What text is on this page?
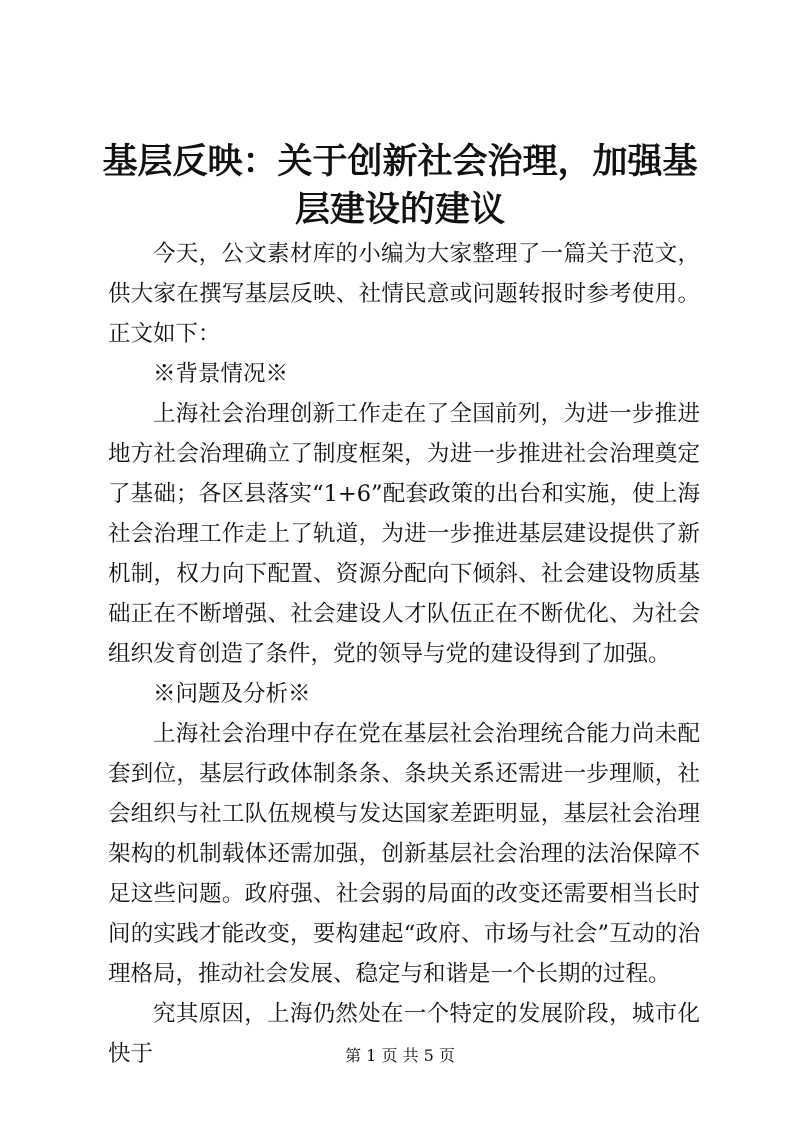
基层反映：关于创新社会治理，加强基层建设的建议

今天，公文素材库的小编为大家整理了一篇关于范文，供大家在撰写基层反映、社情民意或问题转报时参考使用。正文如下：

※背景情况※

上海社会治理创新工作走在了全国前列，为进一步推进地方社会治理确立了制度框架，为进一步推进社会治理奠定了基础；各区县落实“1+6”配套政策的出台和实施，使上海社会治理工作走上了轨道，为进一步推进基层建设提供了新机制，权力向下配置、资源分配向下倾斜、社会建设物质基础正在不断增强、社会建设人才队伍正在不断优化、为社会组织发育创造了条件，党的领导与党的建设得到了加强。

※问题及分析※

上海社会治理中存在党在基层社会治理统合能力尚未配套到位，基层行政体制条条、条块关系还需进一步理顺，社会组织与社工队伍规模与发达国家差距明显，基层社会治理架构的机制载体还需加强，创新基层社会治理的法治保障不足这些问题。政府强、社会弱的局面的改变还需要相当长时间的实践才能改变，要构建起“政府、市场与社会”互动的治理格局，推动社会发展、稳定与和谐是一个长期的过程。

究其原因，上海仍然处在一个特定的发展阶段，城市化快于	第 1 页 共 5 页
